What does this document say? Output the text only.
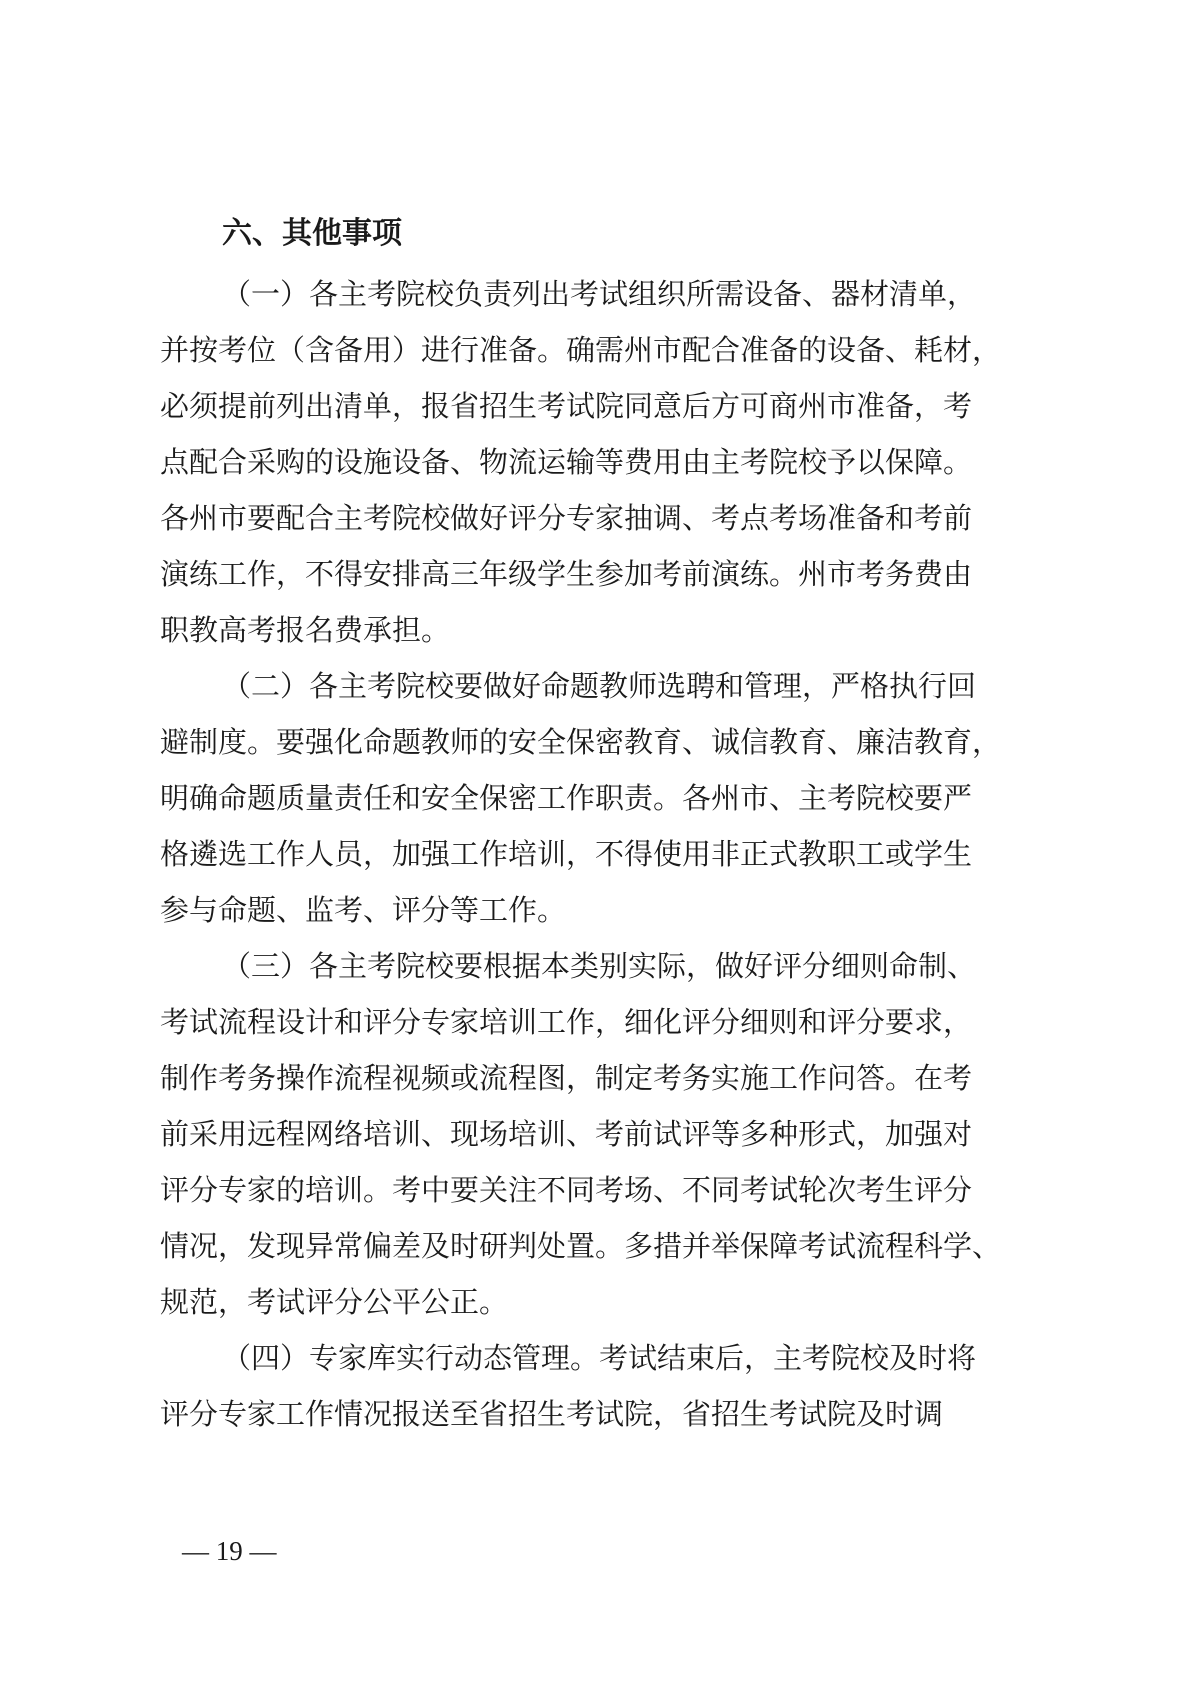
六、其他事项
（一）各主考院校负责列出考试组织所需设备、器材清单，
并按考位（含备用）进行准备。确需州市配合准备的设备、耗材，
必须提前列出清单，报省招生考试院同意后方可商州市准备，考
点配合采购的设施设备、物流运输等费用由主考院校予以保障。
各州市要配合主考院校做好评分专家抽调、考点考场准备和考前
演练工作，不得安排高三年级学生参加考前演练。州市考务费由
职教高考报名费承担。
（二）各主考院校要做好命题教师选聘和管理，严格执行回
避制度。要强化命题教师的安全保密教育、诚信教育、廉洁教育，
明确命题质量责任和安全保密工作职责。各州市、主考院校要严
格遴选工作人员，加强工作培训，不得使用非正式教职工或学生
参与命题、监考、评分等工作。
（三）各主考院校要根据本类别实际，做好评分细则命制、
考试流程设计和评分专家培训工作，细化评分细则和评分要求，
制作考务操作流程视频或流程图，制定考务实施工作问答。在考
前采用远程网络培训、现场培训、考前试评等多种形式，加强对
评分专家的培训。考中要关注不同考场、不同考试轮次考生评分
情况，发现异常偏差及时研判处置。多措并举保障考试流程科学、
规范，考试评分公平公正。
（四）专家库实行动态管理。考试结束后，主考院校及时将
评分专家工作情况报送至省招生考试院，省招生考试院及时调
— 19 —
